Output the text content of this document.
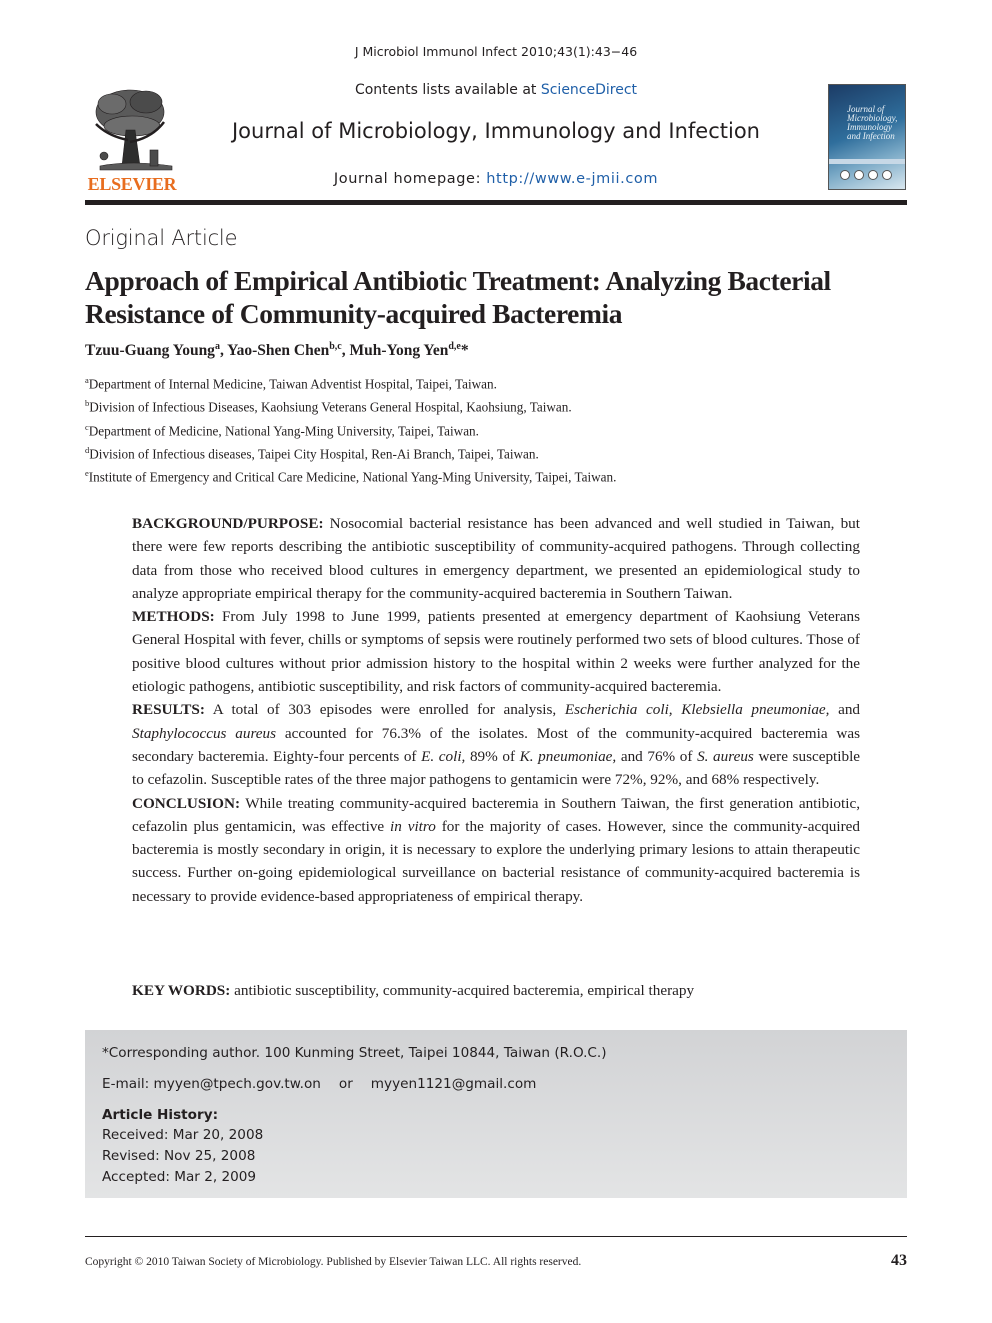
J Microbiol Immunol Infect 2010;43(1):43−46
Contents lists available at ScienceDirect
Journal of Microbiology, Immunology and Infection
Journal homepage: http://www.e-jmii.com
ELSEVIER
Journal of
Microbiology,
Immunology
and Infection
Original Article
Approach of Empirical Antibiotic Treatment: Analyzing Bacterial Resistance of Community-acquired Bacteremia
Tzuu-Guang Young$^a$, Yao-Shen Chen$^{b,c}$, Muh-Yong Yen$^{d,e}$*
$^a$Department of Internal Medicine, Taiwan Adventist Hospital, Taipei, Taiwan.
$^b$Division of Infectious Diseases, Kaohsiung Veterans General Hospital, Kaohsiung, Taiwan.
$^c$Department of Medicine, National Yang-Ming University, Taipei, Taiwan.
$^d$Division of Infectious diseases, Taipei City Hospital, Ren-Ai Branch, Taipei, Taiwan.
$^e$Institute of Emergency and Critical Care Medicine, National Yang-Ming University, Taipei, Taiwan.

BACKGROUND/PURPOSE: Nosocomial bacterial resistance has been advanced and well studied in Taiwan, but there were few reports describing the antibiotic susceptibility of community-acquired pathogens. Through collecting data from those who received blood cultures in emergency department, we presented an epidemiological study to analyze appropriate empirical therapy for the community-acquired bacteremia in Southern Taiwan.

METHODS: From July 1998 to June 1999, patients presented at emergency department of Kaohsiung Veterans General Hospital with fever, chills or symptoms of sepsis were routinely performed two sets of blood cultures. Those of positive blood cultures without prior admission history to the hospital within 2 weeks were further analyzed for the etiologic pathogens, antibiotic susceptibility, and risk factors of community-acquired bacteremia.

RESULTS: A total of 303 episodes were enrolled for analysis, Escherichia coli, Klebsiella pneumoniae, and Staphylococcus aureus accounted for 76.3% of the isolates. Most of the community-acquired bacteremia was secondary bacteremia. Eighty-four percents of E. coli, 89% of K. pneumoniae, and 76% of S. aureus were susceptible to cefazolin. Susceptible rates of the three major pathogens to gentamicin were 72%, 92%, and 68% respectively.

CONCLUSION: While treating community-acquired bacteremia in Southern Taiwan, the first generation antibiotic, cefazolin plus gentamicin, was effective in vitro for the majority of cases. However, since the community-acquired bacteremia is mostly secondary in origin, it is necessary to explore the underlying primary lesions to attain therapeutic success. Further on-going epidemiological surveillance on bacterial resistance of community-acquired bacteremia is necessary to provide evidence-based appropriateness of empirical therapy.

KEY WORDS: antibiotic susceptibility, community-acquired bacteremia, empirical therapy
*Corresponding author. 100 Kunming Street, Taipei 10844, Taiwan (R.O.C.)
E-mail: myyen@tpech.gov.tw.on or myyen1121@gmail.com
Article History:
Received: Mar 20, 2008
Revised: Nov 25, 2008
Accepted: Mar 2, 2009
Copyright © 2010 Taiwan Society of Microbiology. Published by Elsevier Taiwan LLC. All rights reserved.	43
